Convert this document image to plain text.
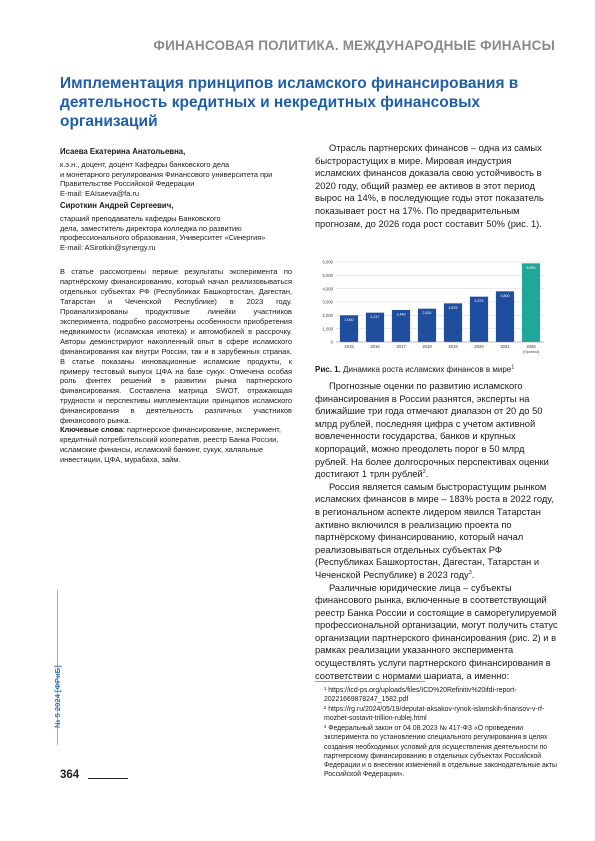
ФИНАНСОВАЯ ПОЛИТИКА. МЕЖДУНАРОДНЫЕ ФИНАНСЫ
Имплементация принципов исламского финансирования в деятельность кредитных и некредитных финансовых организаций
Исаева Екатерина Анатольевна,
к.э.н., доцент, доцент Кафедры банковского дела
и монетарного регулирования Финансового университета при
Правительстве Российской Федерации
E-mail: EAIsaeva@fa.ru
Сироткин Андрей Сергеевич,
старший преподаватель кафедры Банковского
дела, заместитель директора колледжа по развитию
профессионального образования, Университет «Синергия»
E-mail: ASirotkin@synergy.ru
В статье рассмотрены первые результаты эксперимента по партнёрскому финансированию, который начал реализовываться отдельных субъектах РФ (Республиках Башкортостан, Дагестан, Татарстан и Чеченской Республике) в 2023 году. Проанализированы продуктовые линейки участников эксперимента, подробно рассмотрены особенности приобретения недвижимости (исламская ипотека) и автомобилей в рассрочку. Авторы демонстрируют накопленный опыт в сфере исламского финансирования как внутри России, так и в зарубежных странах. В статье показаны инновационные исламские продукты, к примеру тестовый выпуск ЦФА на базе сукук. Отмечена особая роль финтех решений в развитии рынка партнерского финансирования. Составлена матрица SWOT, отражающая трудности и перспективы имплементации принципов исламского финансирования в деятельность различных участников финансового рынка.
Ключевые слова: партнерское финансирование, эксперимент, кредитный потребительский кооператив, реестр Банка России, исламские финансы, исламский банкинг, сукук, халяльные инвестиции, ЦФА, мурабаха, займ.

Отрасль партнерских финансов – одна из самых быстрорастущих в мире. Мировая индустрия исламских финансов доказала свою устойчивость в 2020 году, общий размер ее активов в этот период вырос на 14%, в последующие годы этот показатель показывает рост на 17%. По предварительным прогнозам, до 2026 года рост составит 50% (рис. 1).

0
1,000
2,000
3,000
4,000
5,000
6,000
2,000
2015
2,247
2016
2,449
2017
2,524
2018
2,876
2019
3,374
2020
3,800
2021
5,900
2026
(Прогноз)
Рис. 1. Динамика роста исламских финансов в мире$^1$

Прогнозные оценки по развитию исламского финансирования в России разнятся, эксперты на ближайшие три года отмечают диапазон от 20 до 50 млрд рублей, последняя цифра с учетом активной вовлеченности государства, банков и крупных корпораций, можно преодолеть порог в 50 млрд рублей. На более долгосрочных перспективах оценки достигают 1 трлн рублей$^2$.

Россия является самым быстрорастущим рынком исламских финансов в мире – 183% роста в 2022 году, в региональном аспекте лидером явился Татарстан активно включился в реализацию проекта по партнёрскому финансированию, который начал реализовываться отдельных субъектах РФ (Республиках Башкортостан, Дагестан, Татарстан и Чеченской Республике) в 2023 году$^3$.

Различные юридические лица – субъекты финансового рынка, включенные в соответствующий реестр Банка России и состоящие в саморегулируемой профессиональной организации, могут получить статус организации партнерского финансирования (рис. 2) и в рамках реализации указанного эксперимента осуществлять услуги партнерского финансирования в соответствии с нормами шариата, а именно:

¹ https://icd-ps.org/uploads/files/ICD%20Refinitiv%20ifdi-report-20221669878247_1582.pdf
² https://rg.ru/2024/05/19/deputat-aksakov-rynok-islamskih-finansov-v-rf-mozhet-sostavit-trillion-rublej.html
³ Федеральный закон от 04.08.2023 № 417-ФЗ «О проведении эксперимента по установлению специального регулирования в целях создания необходимых условий для осуществления деятельности по партнерскому финансированию в отдельных субъектах Российской Федерации и о внесении изменений в отдельные законодательные акты Российской Федерации».
№ 5 2024 [ФРиБ]
364
